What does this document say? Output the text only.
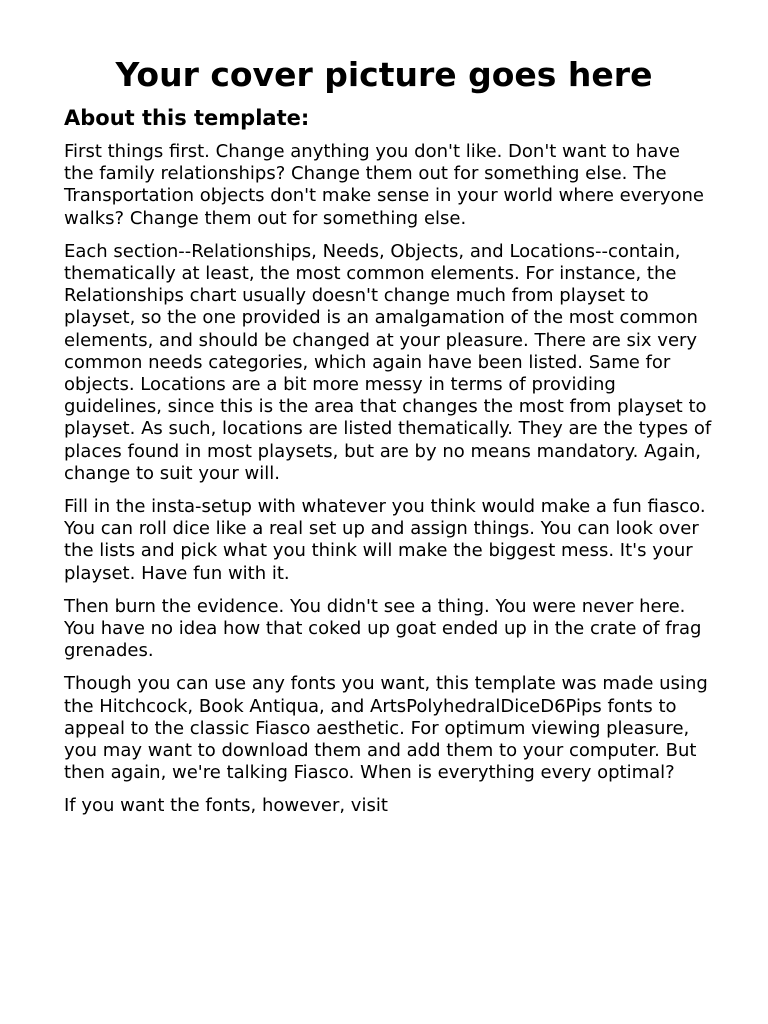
Your cover picture goes here
About this template:

First things first. Change anything you don't like. Don't want to have the family relationships? Change them out for something else. The Transportation objects don't make sense in your world where everyone walks? Change them out for something else.

Each section--Relationships, Needs, Objects, and Locations--contain, thematically at least, the most common elements. For instance, the Relationships chart usually doesn't change much from playset to playset, so the one provided is an amalgamation of the most common elements, and should be changed at your pleasure. There are six very common needs categories, which again have been listed. Same for objects. Locations are a bit more messy in terms of providing guidelines, since this is the area that changes the most from playset to playset. As such, locations are listed thematically. They are the types of places found in most playsets, but are by no means mandatory. Again, change to suit your will.

Fill in the insta-setup with whatever you think would make a fun fiasco. You can roll dice like a real set up and assign things. You can look over the lists and pick what you think will make the biggest mess. It's your playset. Have fun with it.

Then burn the evidence. You didn't see a thing. You were never here. You have no idea how that coked up goat ended up in the crate of frag grenades.

Though you can use any fonts you want, this template was made using the Hitchcock, Book Antiqua, and ArtsPolyhedralDiceD6Pips fonts to appeal to the classic Fiasco aesthetic. For optimum viewing pleasure, you may want to download them and add them to your computer. But then again, we're talking Fiasco. When is everything every optimal?

If you want the fonts, however, visit
